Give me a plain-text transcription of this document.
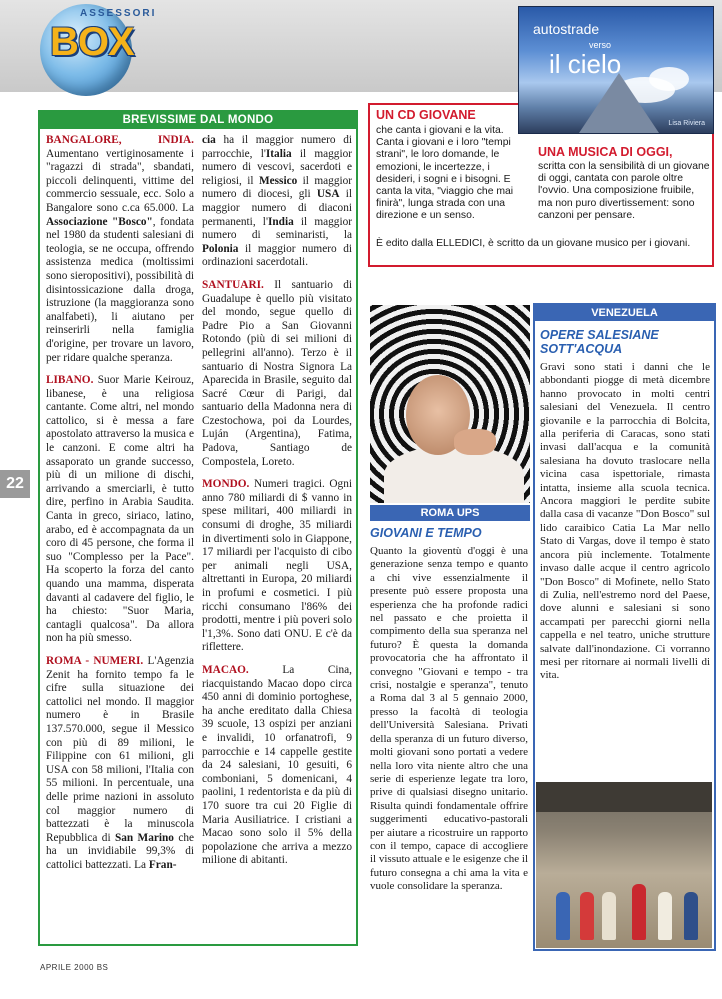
ASSESSORI
BOX
22
BREVISSIME DAL MONDO

BANGALORE, INDIA. Aumentano vertiginosamente i "ragazzi di strada", sbandati, piccoli delinquenti, vittime del commercio sessuale, ecc. Solo a Bangalore sono c.ca 65.000. La Associazione "Bosco", fondata nel 1980 da studenti salesiani di teologia, se ne occupa, offrendo assistenza medica (moltissimi sono sieropositivi), possibilità di disintossicazione dalla droga, istruzione (la maggioranza sono analfabeti), li aiutano per reinserirli nella famiglia d'origine, per trovare un lavoro, per ridare qualche speranza.

LIBANO. Suor Marie Keirouz, libanese, è una religiosa cantante. Come altri, nel mondo cattolico, si è messa a fare apostolato attraverso la musica e le canzoni. E come altri ha assaporato un grande successo, più di un milione di dischi, arrivando a smerciarli, è tutto dire, perfino in Arabia Saudita. Canta in greco, siriaco, latino, arabo, ed è accompagnata da un coro di 45 persone, che forma il suo "Complesso per la Pace". Ha scoperto la forza del canto quando una mamma, disperata davanti al cadavere del figlio, le ha chiesto: "Suor Maria, cantagli qualcosa". Da allora non ha più smesso.

ROMA - NUMERI. L'Agenzia Zenit ha fornito tempo fa le cifre sulla situazione dei cattolici nel mondo. Il maggior numero è in Brasile 137.570.000, segue il Messico con più di 89 milioni, le Filippine con 61 milioni, gli USA con 58 milioni, l'Italia con 55 milioni. In percentuale, una delle prime nazioni in assoluto col maggior numero di battezzati è la minuscola Repubblica di San Marino che ha un invidiabile 99,3% di cattolici battezzati. La Fran-

cia ha il maggior numero di parrocchie, l'Italia il maggior numero di vescovi, sacerdoti e religiosi, il Messico il maggior numero di diocesi, gli USA il maggior numero di diaconi permanenti, l'India il maggior numero di seminaristi, la Polonia il maggior numero di ordinazioni sacerdotali.

SANTUARI. Il santuario di Guadalupe è quello più visitato del mondo, segue quello di Padre Pio a San Giovanni Rotondo (più di sei milioni di pellegrini all'anno). Terzo è il santuario di Nostra Signora La Aparecida in Brasile, seguito dal Sacré Cœur di Parigi, dal santuario della Madonna nera di Czestochowa, poi da Lourdes, Luján (Argentina), Fatima, Padova, Santiago de Compostela, Loreto.

MONDO. Numeri tragici. Ogni anno 780 miliardi di $ vanno in spese militari, 400 miliardi in consumi di droghe, 35 miliardi in divertimenti solo in Giappone, 17 miliardi per l'acquisto di cibo per animali negli USA, altrettanti in Europa, 20 miliardi in profumi e cosmetici. I più ricchi consumano l'86% dei prodotti, mentre i più poveri solo l'1,3%. Sono dati ONU. E c'è da riflettere.

MACAO.	La Cina, riacquistando Macao dopo circa 450 anni di dominio portoghese, ha anche ereditato dalla Chiesa 39 scuole, 13 ospizi per anziani e invalidi, 10 orfanatrofi, 9 parrocchie e 14 cappelle gestite da 24 salesiani, 10 gesuiti, 6 comboniani, 5 domenicani, 4 paolini, 1 redentorista e da più di 170 suore tra cui 20 Figlie di Maria Ausiliatrice. I cristiani a Macao sono solo il 5% della popolazione che arriva a mezzo milione di abitanti.

autostrade
verso
il cielo
Lisa Riviera
UN CD GIOVANE
che canta i giovani e la vita. Canta i giovani e i loro "tempi strani", le loro domande, le emozioni, le incertezze, i desideri, i sogni e i bisogni. E canta la vita, "viaggio che mai finirà", lunga strada con una direzione e un senso.
UNA MUSICA DI OGGI,
scritta con la sensibilità di un giovane di oggi, cantata con parole oltre l'ovvio. Una composizione fruibile, ma non puro divertissement: sono canzoni per pensare.
È edito dalla ELLEDICI, è scritto da un giovane musico per i giovani.
ROMA UPS
GIOVANI E TEMPO
Quanto la gioventù d'oggi è una generazione senza tempo e quanto a chi vive essenzialmente il presente può essere proposta una esperienza che ha profonde radici nel passato e che proietta il compimento della sua speranza nel futuro? È questa la domanda provocatoria che ha affrontato il convegno "Giovani e tempo - tra crisi, nostalgie e speranza", tenuto a Roma dal 3 al 5 gennaio 2000, presso la facoltà di teologia dell'Università Salesiana. Privati della speranza di un futuro diverso, molti giovani sono portati a vedere nella loro vita niente altro che una serie di esperienze legate tra loro, prive di qualsiasi disegno unitario. Risulta quindi fondamentale offrire suggerimenti educativo-pastorali per aiutare a ricostruire un rapporto con il tempo, capace di accogliere il vissuto attuale e le esigenze che il futuro consegna a chi ama la vita e vuole consolidare la speranza.
VENEZUELA
OPERE SALESIANE SOTT'ACQUA
Gravi sono stati i danni che le abbondanti piogge di metà dicembre hanno provocato in molti centri salesiani del Venezuela. Il centro giovanile e la parrocchia di Bolcita, alla periferia di Caracas, sono stati invasi dall'acqua e la comunità salesiana ha dovuto traslocare nella vicina casa ispettoriale, rimasta intatta, insieme alla scuola tecnica. Ancora maggiori le perdite subite dalla casa di vacanze "Don Bosco" sul lido caraibico Catia La Mar nello Stato di Vargas, dove il tempo è stato ancora più inclemente. Totalmente invaso dalle acque il centro agricolo "Don Bosco" di Mofinete, nello Stato di Zulia, nell'estremo nord del Paese, dove alunni e salesiani si sono accampati per parecchi giorni nella cappella e nel teatro, uniche strutture salvate dall'inondazione. Ci vorranno mesi per ritornare ai normali livelli di vita.
APRILE 2000 BS
